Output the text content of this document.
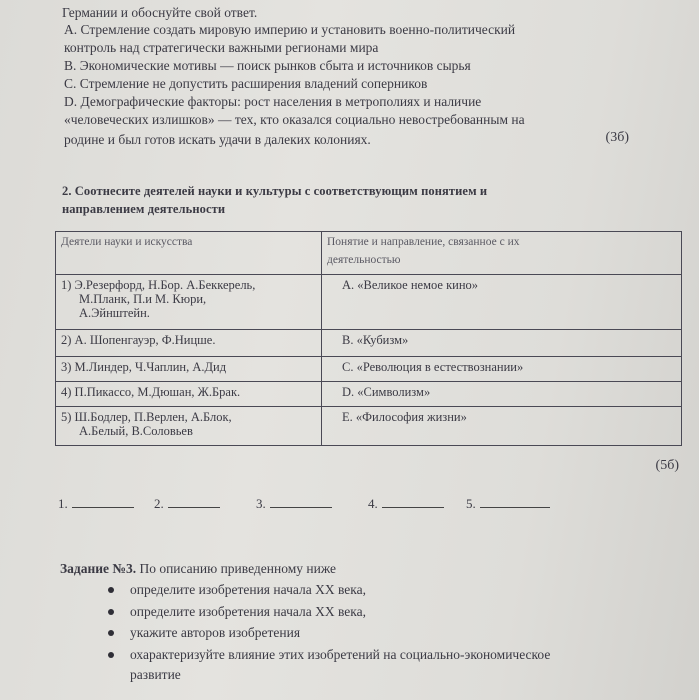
Германии и обоснуйте свой ответ.
A. Стремление создать мировую империю и установить военно-политический
контроль над стратегически важными регионами мира
B. Экономические мотивы — поиск рынков сбыта и источников сырья
C. Стремление не допустить расширения владений соперников
D. Демографические факторы: рост населения в метрополиях и наличие
«человеческих излишков» — тех, кто оказался социально невостребованным на
родине и был готов искать удачи в далеких колониях.	(3б)
2. Соотнесите деятелей науки и культуры с соответствующим понятием и
направлением деятельности
Деятели науки и искусства	Понятие и направление, связанное с их
деятельностью

1) Э.Резерфорд, Н.Бор. А.Беккерель,
М.Планк, П.и М. Кюри,
А.Эйнштейн.	A. «Великое немое кино»
2) А. Шопенгауэр, Ф.Ницше.	B. «Кубизм»
3) М.Линдер, Ч.Чаплин, А.Дид	C. «Революция в естествознании»
4) П.Пикассо, М.Дюшан, Ж.Брак.	D. «Символизм»

5) Ш.Бодлер, П.Верлен, А.Блок,
А.Белый, В.Соловьев	E. «Философия жизни»
(5б)
1.	2.	3.	4.	5.
Задание №3. По описанию приведенному ниже
определите изобретения начала XX века,
определите изобретения начала XX века,
укажите авторов изобретения
охарактеризуйте влияние этих изобретений на социально-экономическое
развитие
